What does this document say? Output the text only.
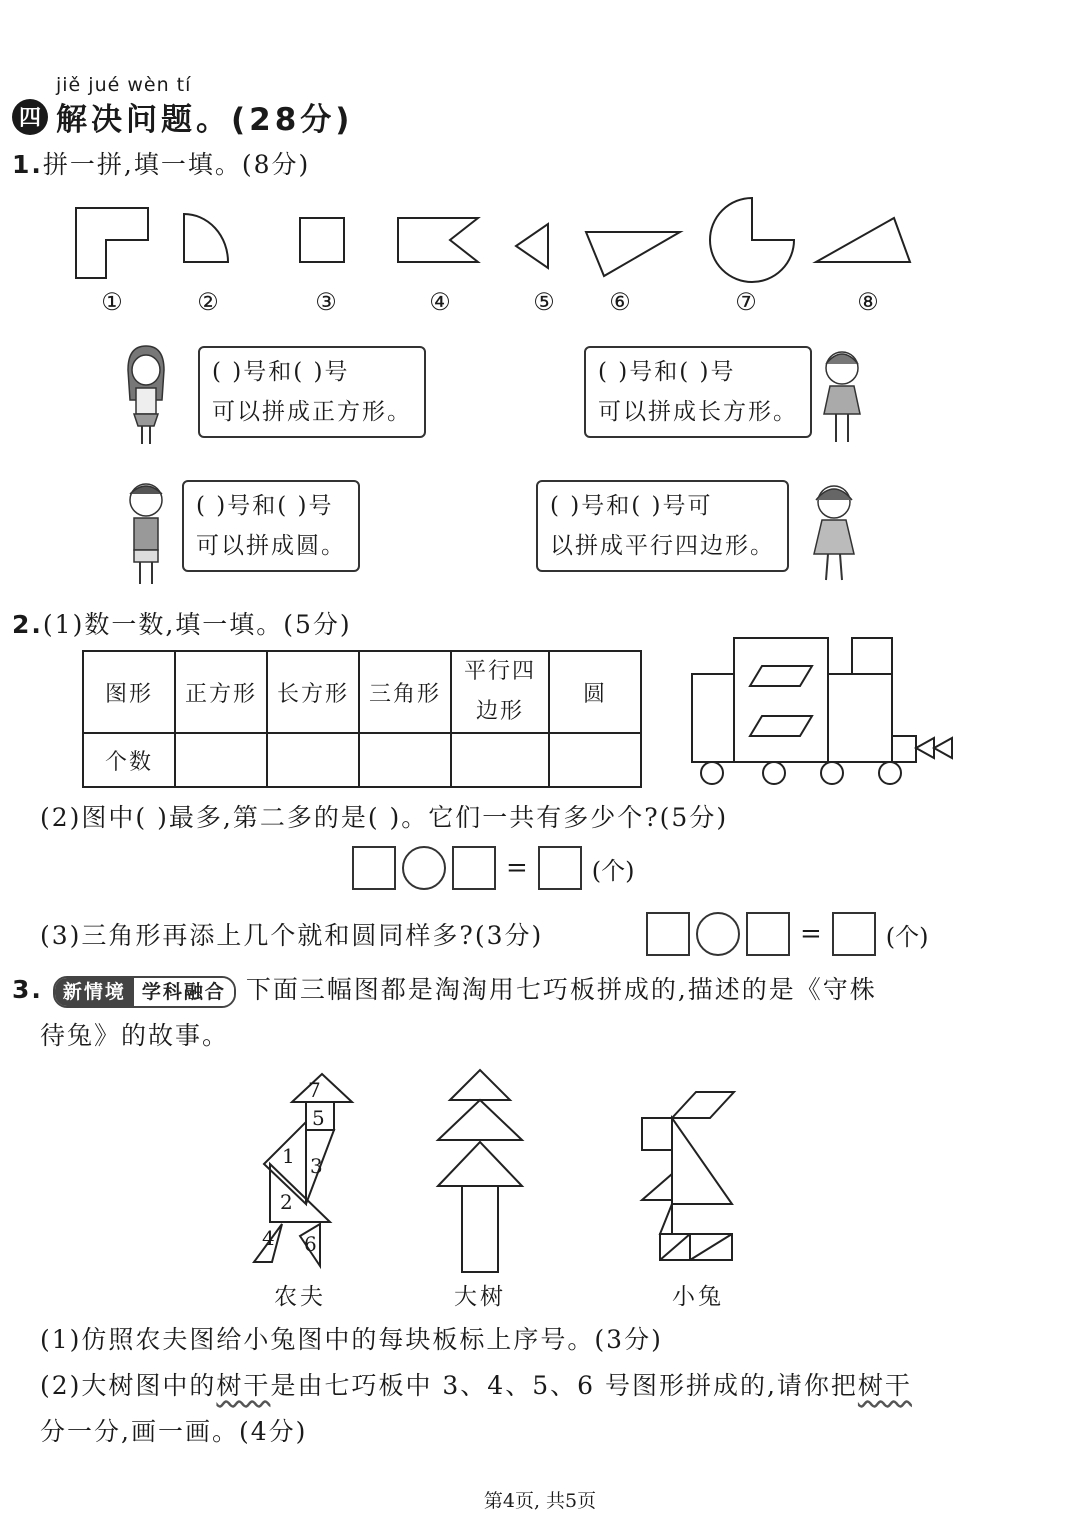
jiě jué wèn tí
四 解决问题。(28分)
1.拼一拼,填一填。(8分)
①	②	③	④	⑤	⑥	⑦	⑧
( )号和( )号
可以拼成正方形。
( )号和( )号
可以拼成长方形。
( )号和( )号
可以拼成圆。
( )号和( )号可
以拼成平行四边形。
2.(1)数一数,填一填。(5分)
图形	正方形	长方形	三角形	平行四边形	圆
个数					
(2)图中( )最多,第二多的是( )。它们一共有多少个?(5分)
=	(个)
(3)三角形再添上几个就和圆同样多?(3分)	=	(个)
3.	新情境 学科融合 下面三幅图都是淘淘用七巧板拼成的,描述的是《守株
待兔》的故事。
7
5
1 3
2
4 6
农夫	大树	小兔
(1)仿照农夫图给小兔图中的每块板标上序号。(3分)
(2)大树图中的树干是由七巧板中 3、4、5、6 号图形拼成的,请你把树干
分一分,画一画。(4分)
第4页, 共5页
